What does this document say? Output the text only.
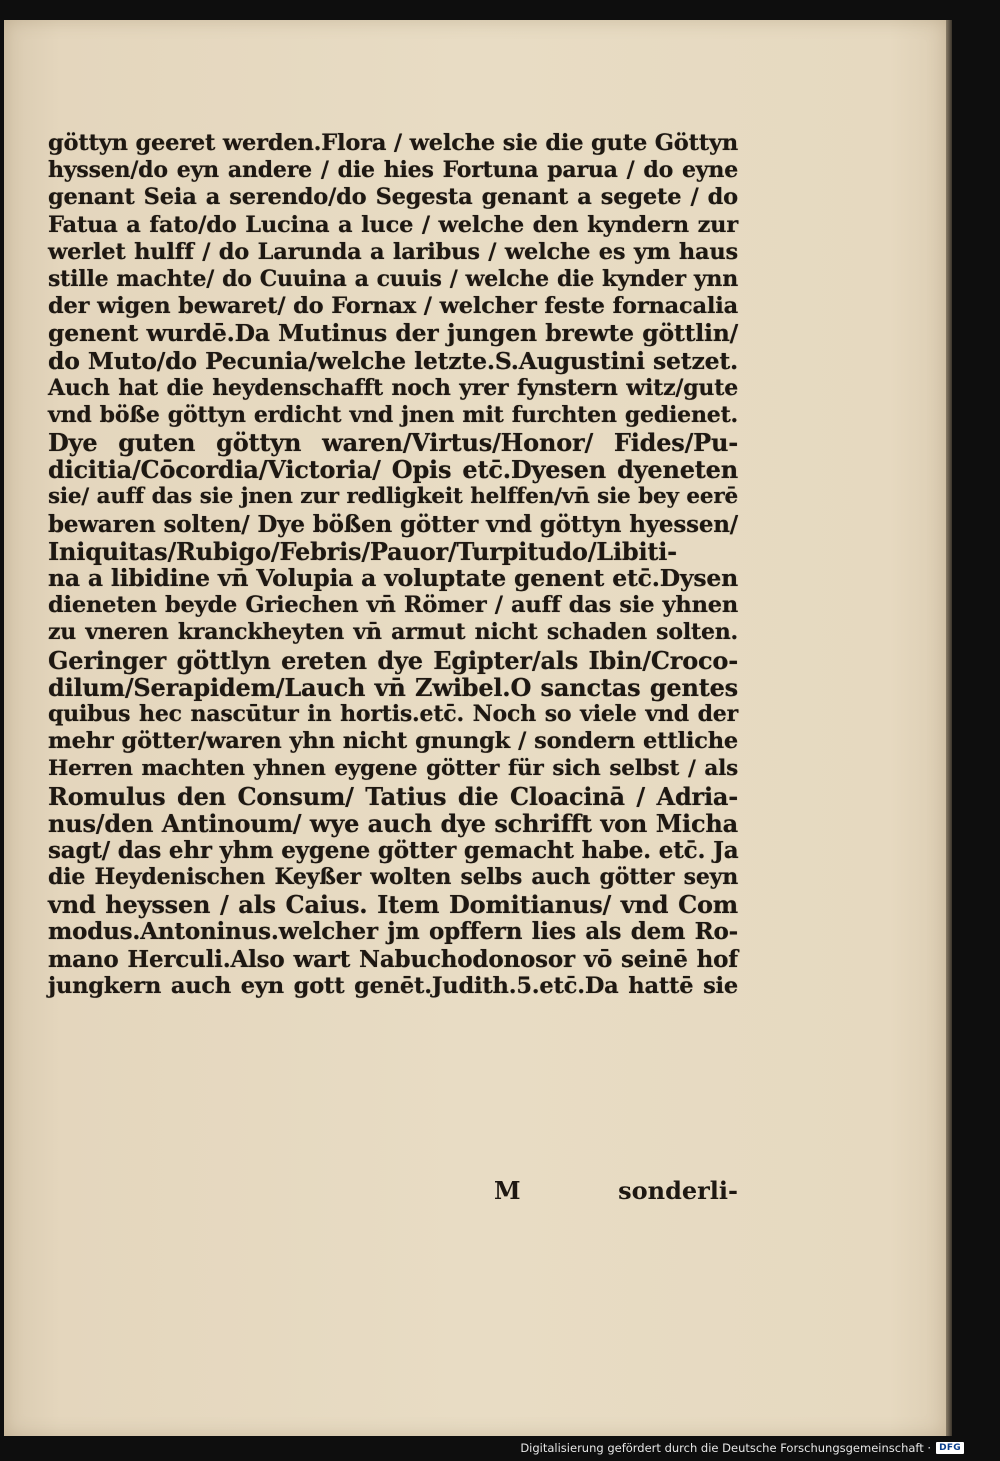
göttyn geeret werden.Flora / welche sie die gute Göttyn
hyssen/do eyn andere / die hies Fortuna parua / do eyne
genant Seia a serendo/do Segesta genant a segete / do
Fatua a fato/do Lucina a luce / welche den kyndern zur
werlet hulff / do Larunda a laribus / welche es ym haus
stille machte/ do Cuuina a cuuis / welche die kynder ynn
der wigen bewaret/ do Fornax / welcher feste fornacalia
genent wurdē.Da Mutinus der jungen brewte göttlin/
do Muto/do Pecunia/welche letzte.S.Augustini setzet.
Auch hat die heydenschafft noch yrer fynstern witz/gute
vnd böße göttyn erdicht vnd jnen mit furchten gedienet.
Dye guten göttyn waren/Virtus/Honor/ Fides/Pu-
dicitia/Cōcordia/Victoria/ Opis etc̄.Dyesen dyeneten
sie/ auff das sie jnen zur redligkeit helffen/vn̄ sie bey eerē
bewaren solten/ Dye bößen götter vnd göttyn hyessen/
Iniquitas/Rubigo/Febris/Pauor/Turpitudo/Libiti-
na a libidine vn̄ Volupia a voluptate genent etc̄.Dysen
dieneten beyde Griechen vn̄ Römer / auff das sie yhnen
zu vneren kranckheyten vn̄ armut nicht schaden solten.
Geringer göttlyn ereten dye Egipter/als Ibin/Croco-
dilum/Serapidem/Lauch vn̄ Zwibel.O sanctas gentes
quibus hec nascūtur in hortis.etc̄. Noch so viele vnd der
mehr götter/waren yhn nicht gnungk / sondern ettliche
Herren machten yhnen eygene götter für sich selbst / als
Romulus den Consum/ Tatius die Cloacinā / Adria-
nus/den Antinoum/ wye auch dye schrifft von Micha
sagt/ das ehr yhm eygene götter gemacht habe. etc̄. Ja
die Heydenischen Keyßer wolten selbs auch götter seyn
vnd heyssen / als Caius. Item Domitianus/ vnd Com
modus.Antoninus.welcher jm opffern lies als dem Ro-
mano Herculi.Also wart Nabuchodonosor vō seinē hof
jungkern auch eyn gott genēt.Judith.5.etc̄.Da hattē sie
M	sonderli-
Digitalisierung gefördert durch die Deutsche Forschungsgemeinschaft · DFG
